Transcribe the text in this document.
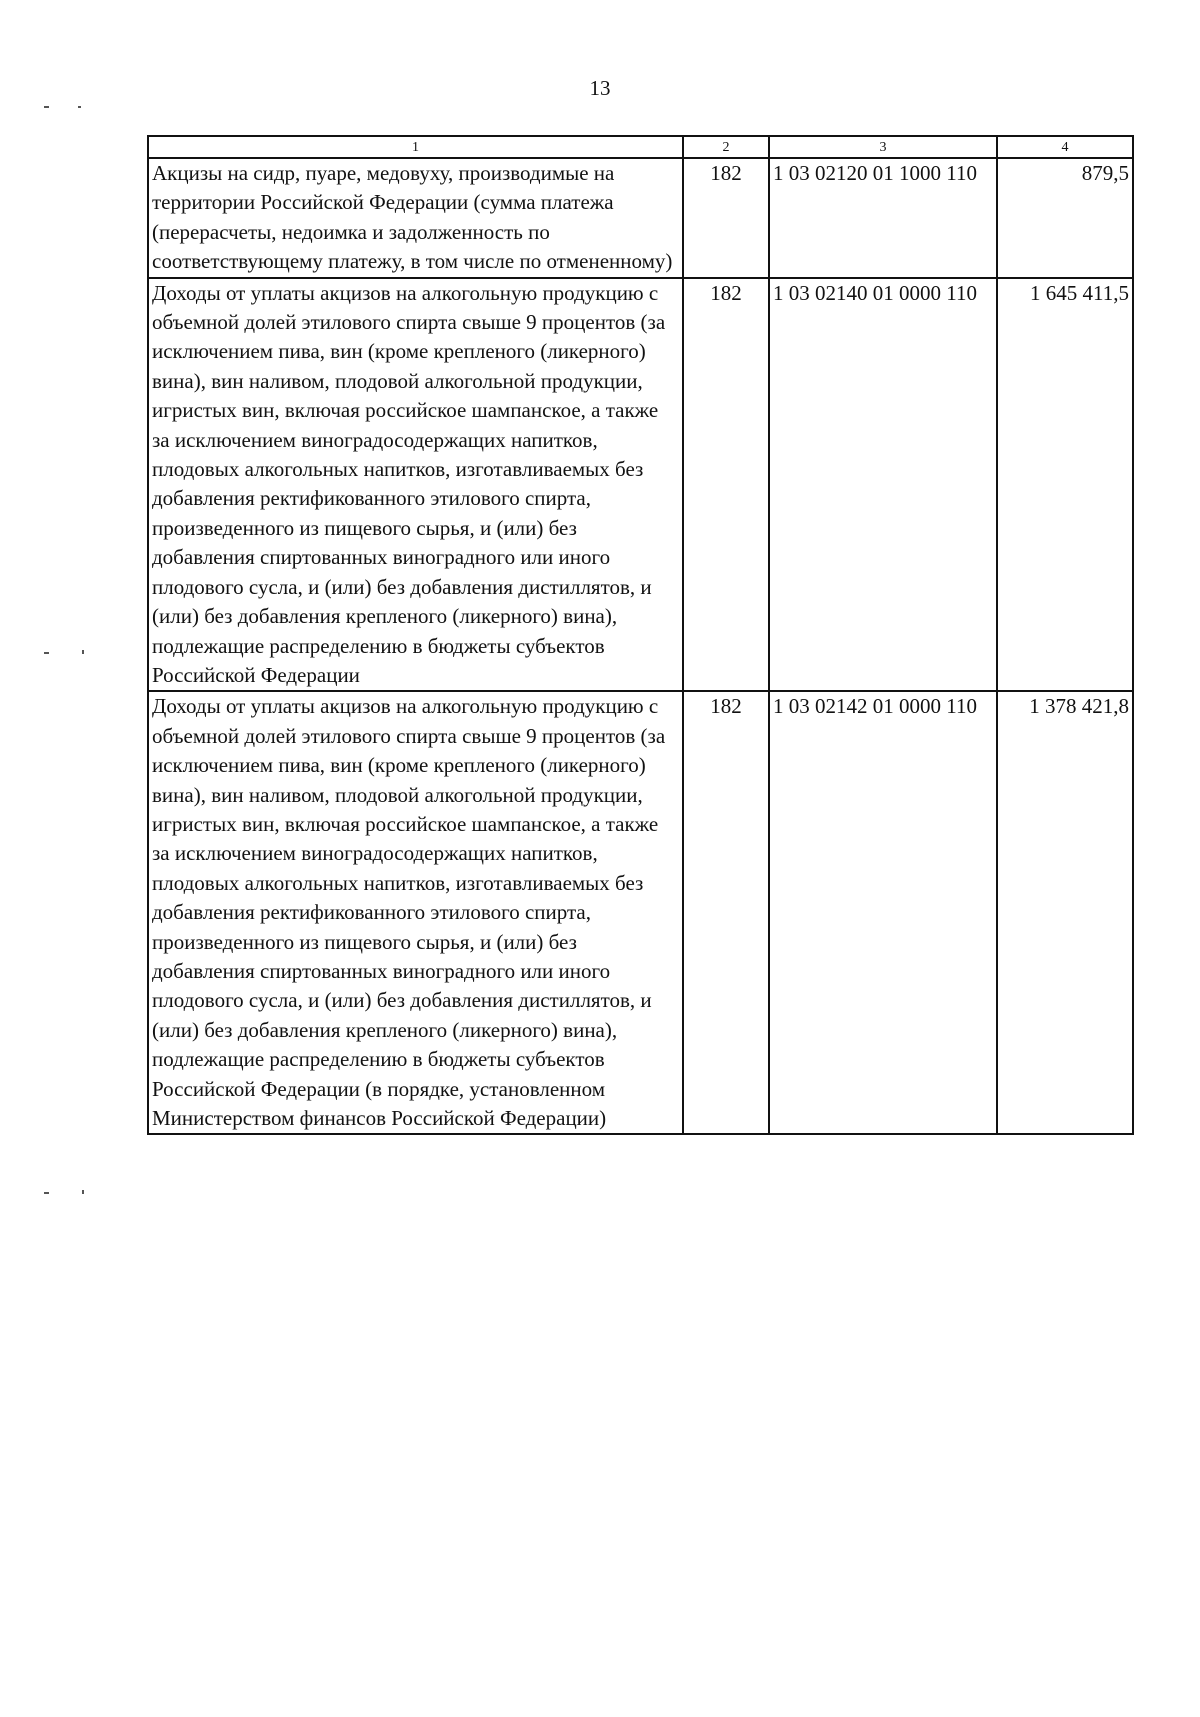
13
1	2	3	4
Акцизы на сидр, пуаре, медовуху, производимые на территории Российской Федерации (сумма платежа (перерасчеты, недоимка и задолженность по соответствующему платежу, в том числе по отмененному)	182	1 03 02120 01 1000 110	879,5
Доходы от уплаты акцизов на алкогольную продукцию с объемной долей этилового спирта свыше 9 процентов (за исключением пива, вин (кроме крепленого (ликерного) вина), вин наливом, плодовой алкогольной продукции, игристых вин, включая российское шампанское, а также за исключением виноградосодержащих напитков, плодовых алкогольных напитков, изготавливаемых без добавления ректификованного этилового спирта, произведенного из пищевого сырья, и (или) без добавления спиртованных виноградного или иного плодового сусла, и (или) без добавления дистиллятов, и (или) без добавления крепленого (ликерного) вина), подлежащие распределению в бюджеты субъектов Российской Федерации	182	1 03 02140 01 0000 110	1 645 411,5
Доходы от уплаты акцизов на алкогольную продукцию с объемной долей этилового спирта свыше 9 процентов (за исключением пива, вин (кроме крепленого (ликерного) вина), вин наливом, плодовой алкогольной продукции, игристых вин, включая российское шампанское, а также за исключением виноградосодержащих напитков, плодовых алкогольных напитков, изготавливаемых без добавления ректификованного этилового спирта, произведенного из пищевого сырья, и (или) без добавления спиртованных виноградного или иного плодового сусла, и (или) без добавления дистиллятов, и (или) без добавления крепленого (ликерного) вина), подлежащие распределению в бюджеты субъектов Российской Федерации (в порядке, установленном Министерством финансов Российской Федерации)	182	1 03 02142 01 0000 110	1 378 421,8
